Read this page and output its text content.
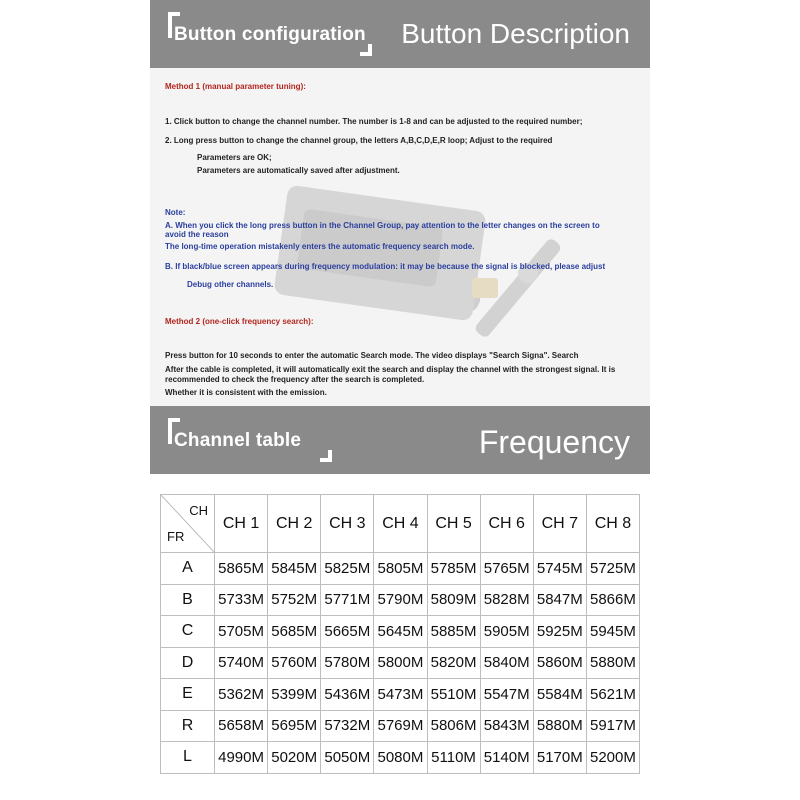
Button configuration Button Description
Method 1 (manual parameter tuning):
1. Click button to change the channel number. The number is 1-8 and can be adjusted to the required number;
2. Long press button to change the channel group, the letters A,B,C,D,E,R loop; Adjust to the required
Parameters are OK;
Parameters are automatically saved after adjustment.
Note:
A. When you click the long press button in the Channel Group, pay attention to the letter changes on the screen to
avoid the reason
The long-time operation mistakenly enters the automatic frequency search mode.
B. If black/blue screen appears during frequency modulation: it may be because the signal is blocked, please adjust
Debug other channels.
Method 2 (one-click frequency search):
Press button for 10 seconds to enter the automatic Search mode. The video displays "Search Signa". Search
After the cable is completed, it will automatically exit the search and display the channel with the strongest signal. It is
recommended to check the frequency after the search is completed.
Whether it is consistent with the emission.
Channel table	Frequency
CH
FR	CH 1	CH 2	CH 3	CH 4	CH 5	CH 6	CH 7	CH 8
A	5865M	5845M	5825M	5805M	5785M	5765M	5745M	5725M
B	5733M	5752M	5771M	5790M	5809M	5828M	5847M	5866M
C	5705M	5685M	5665M	5645M	5885M	5905M	5925M	5945M
D	5740M	5760M	5780M	5800M	5820M	5840M	5860M	5880M
E	5362M	5399M	5436M	5473M	5510M	5547M	5584M	5621M
R	5658M	5695M	5732M	5769M	5806M	5843M	5880M	5917M
L	4990M	5020M	5050M	5080M	5110M	5140M	5170M	5200M
